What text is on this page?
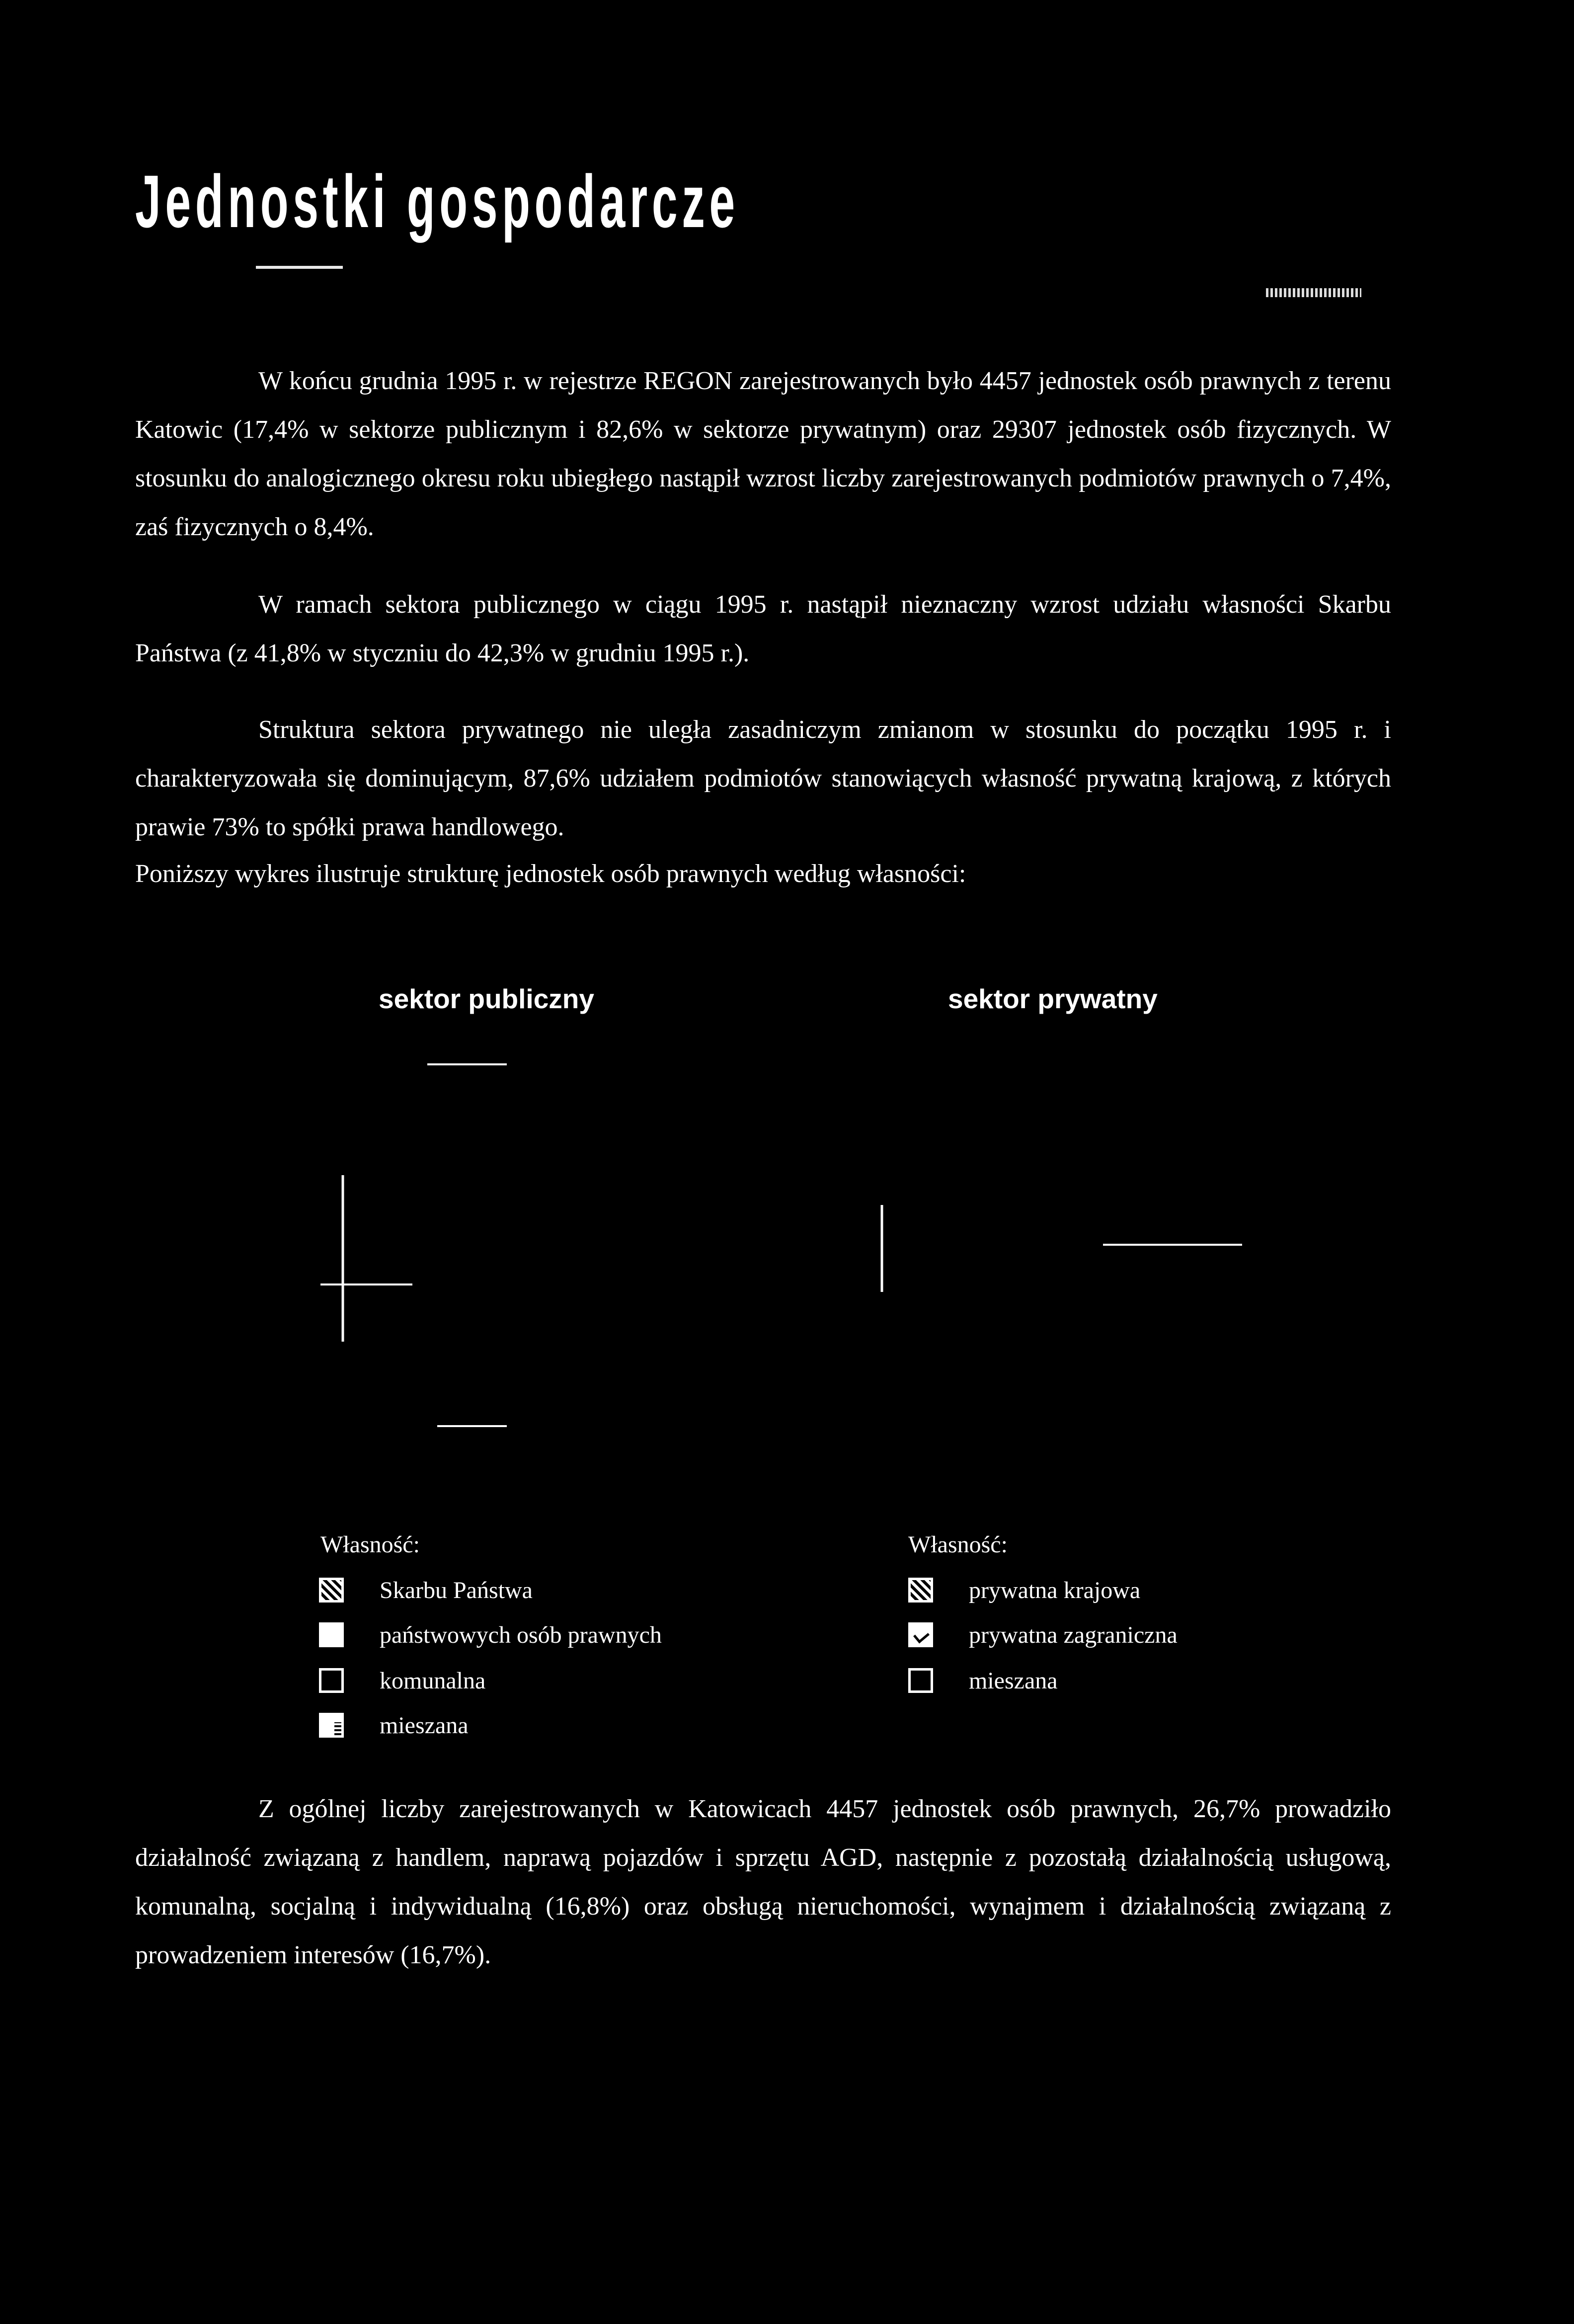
Jednostki gospodarcze
W końcu grudnia 1995 r. w rejestrze REGON zarejestrowanych było 4457 jednostek osób prawnych z terenu Katowic (17,4% w sektorze publicznym i 82,6% w sektorze prywatnym) oraz 29307 jednostek osób fizycznych. W stosunku do analogicznego okresu roku ubiegłego nastąpił wzrost liczby zarejestrowanych podmiotów prawnych o 7,4%, zaś fizycznych o 8,4%.
W ramach sektora publicznego w ciągu 1995 r. nastąpił nieznaczny wzrost udziału własności Skarbu Państwa (z 41,8% w styczniu do 42,3% w grudniu 1995 r.).
Struktura sektora prywatnego nie uległa zasadniczym zmianom w stosunku do początku 1995 r. i charakteryzowała się dominującym, 87,6% udziałem podmiotów stanowiących własność prywatną krajową, z których prawie 73% to spółki prawa handlowego.
Poniższy wykres ilustruje strukturę jednostek osób prawnych według własności:
sektor publiczny	sektor prywatny
Własność:
Skarbu Państwa
państwowych osób prawnych
komunalna
mieszana
Własność:
prywatna krajowa
prywatna zagraniczna
mieszana
Z ogólnej liczby zarejestrowanych w Katowicach 4457 jednostek osób prawnych, 26,7% prowadziło działalność związaną z handlem, naprawą pojazdów i sprzętu AGD, następnie z pozostałą działalnością usługową, komunalną, socjalną i indywidualną (16,8%) oraz obsługą nieruchomości, wynajmem i działalnością związaną z prowadzeniem interesów (16,7%).
